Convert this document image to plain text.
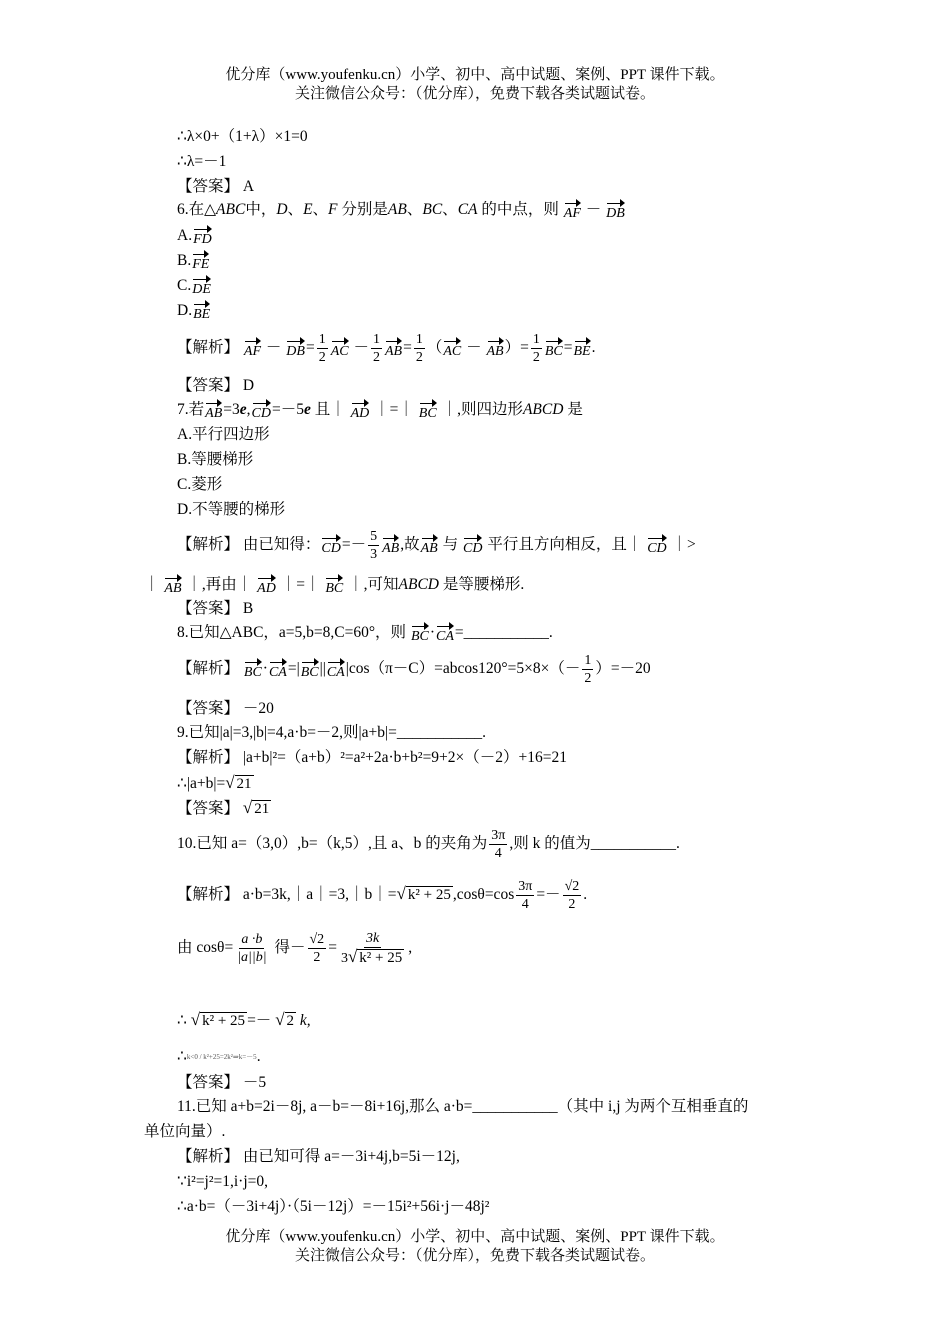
优分库（www.youfenku.cn）小学、初中、高中试题、案例、PPT 课件下载。
关注微信公众号：（优分库），免费下载各类试题试卷。
∴λ×0+（1+λ）×1=0
∴λ=－1
【答案】 A
6.在△ABC中，D、E、F 分别是AB、BC、CA 的中点，则 AF － DB
A.FD
B.FE
C.DE
D.BE
【解析】 AF － $DB= \frac{1}{2}$ AC － $\frac{1}{2} AB= \frac{1}{2} (AC - AB)= \frac{1}{2} BC=BE$.
【答案】 D
7.若AB=3e,CD=－5e 且｜ AD ｜=｜ BC ｜,则四边形ABCD 是
A.平行四边形
B.等腰梯形
C.菱形
D.不等腰的梯形
【解析】 由已知得：$CD=- \frac{5}{3}$ AB,故AB 与 CD 平行且方向相反，且｜ CD ｜>
｜ AB ｜,再由｜ AD ｜=｜ BC ｜,可知ABCD 是等腰梯形.
【答案】 B
8.已知△ABC，a=5,b=8,C=60°，则 BC·CA=___________.
【解析】 $BC\cdot CA=|BC||CA|\cos(\pi-C)=abcos120^\circ=5\times 8\times(- \frac{1}{2} )=-20$
【答案】 －20
9.已知|a|=3,|b|=4,a·b=－2,则|a+b|=___________.
【解析】 |a+b|²=（a+b）²=a²+2a·b+b²=9+2×（－2）+16=21
∴|a+b|=√ 21
【答案】 √ 21
10.已知 a=（3,0）,b=（k,5）,且 a、b 的夹角为 $\frac{3\pi}{4}$ ,则 k 的值为___________.
【解析】 a·b=3k,｜a｜=3,｜b｜=√ k² + 25 $,\cos\theta=\cos \frac{3\pi}{4} =- \frac{√2}{2}$ .
由 $\cos\theta= \frac{a \cdot b}{|a||b|}$ 得－ $\frac{√2}{2} = \frac{3k}{\text{3√ k² + 25}}$ ,
∴ √ k² + 25 =－ √ 2 k,
∴k<0 / k²+25=2k²⇒k=－5.
【答案】 －5
11.已知 a+b=2i－8j, a－b=－8i+16j,那么 a·b=___________（其中 i,j 为两个互相垂直的
单位向量）.
【解析】 由已知可得 a=－3i+4j,b=5i－12j,
∵i²=j²=1,i·j=0,
∴a·b=（－3i+4j）·（5i－12j）=－15i²+56i·j－48j²
优分库（www.youfenku.cn）小学、初中、高中试题、案例、PPT 课件下载。
关注微信公众号：（优分库），免费下载各类试题试卷。
